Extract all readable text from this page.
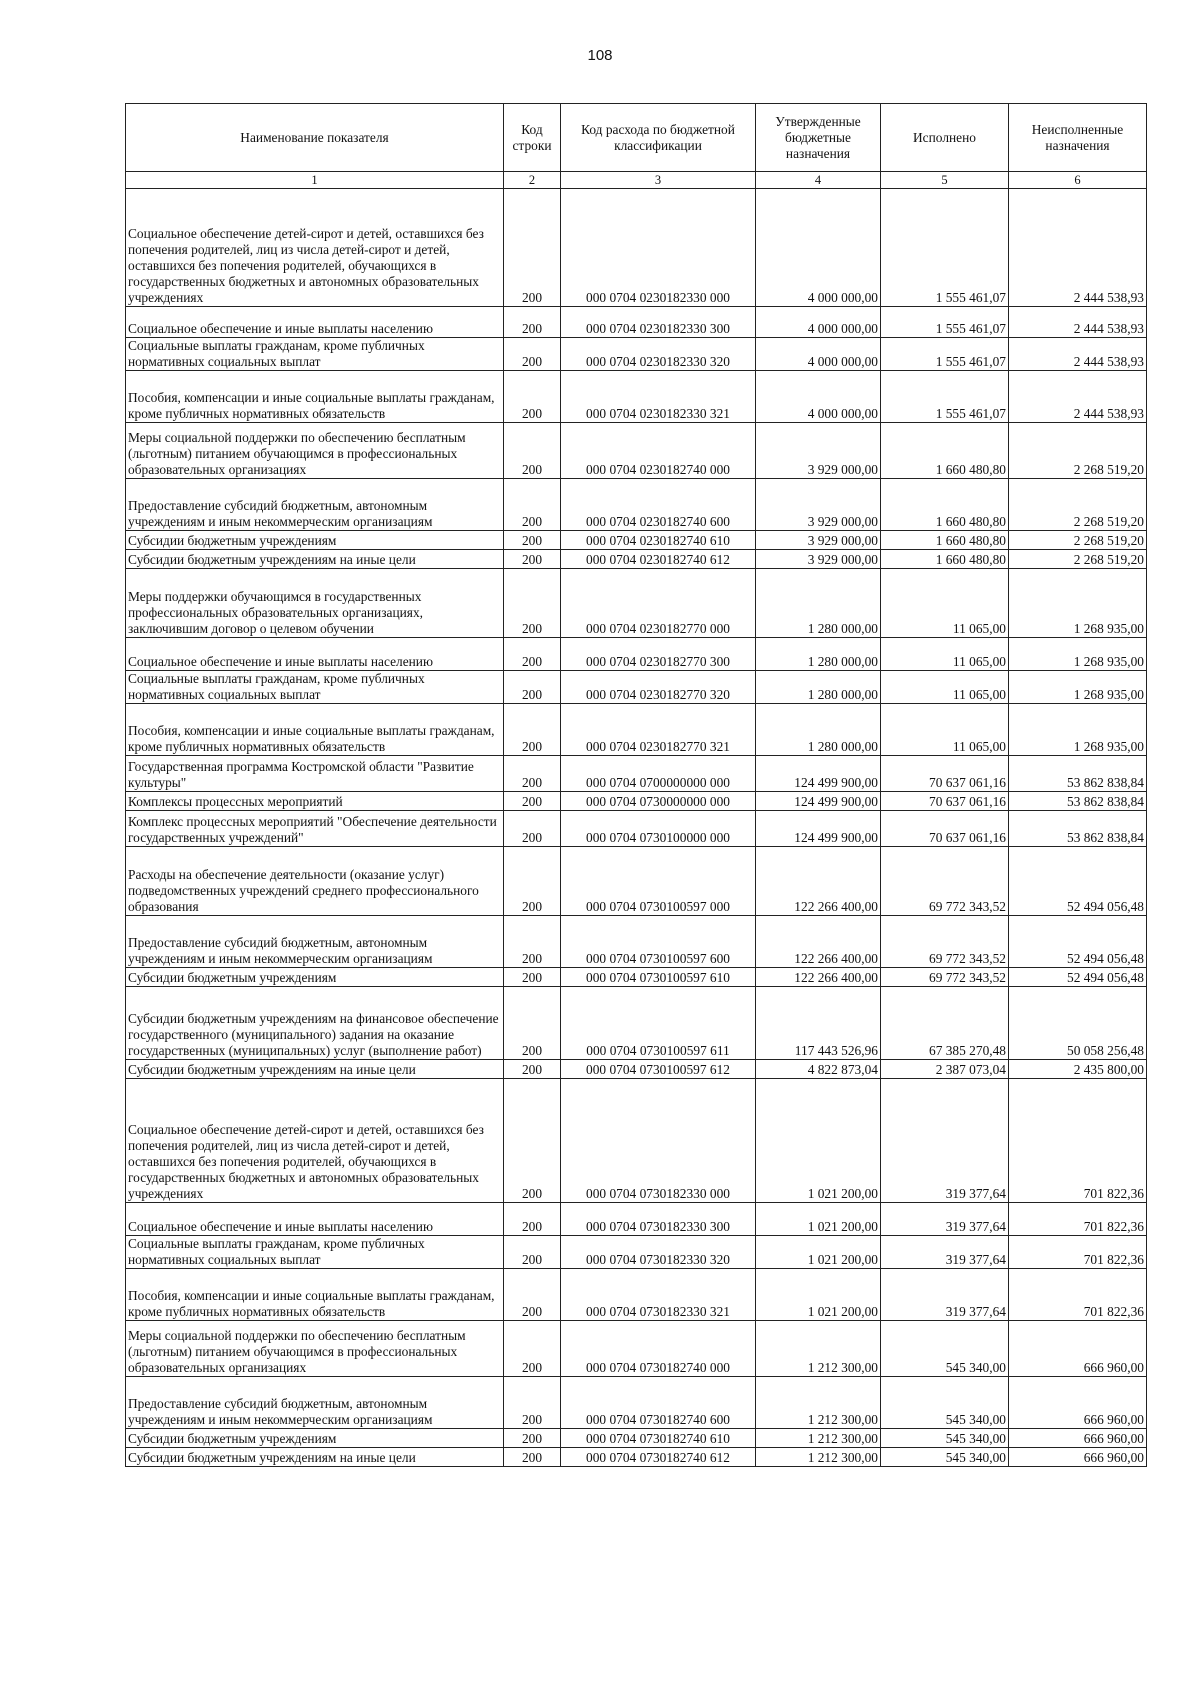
108
Наименование показателя	Код строки	Код расхода по бюджетной классификации	Утвержденные бюджетные назначения	Исполнено	Неисполненные назначения
1	2	3	4	5	6
Социальное обеспечение детей-сирот и детей, оставшихся без попечения родителей, лиц из числа детей-сирот и детей, оставшихся без попечения родителей, обучающихся в государственных бюджетных и автономных образовательных учреждениях	200	000 0704 0230182330 000	4 000 000,00	1 555 461,07	2 444 538,93
Социальное обеспечение и иные выплаты населению	200	000 0704 0230182330 300	4 000 000,00	1 555 461,07	2 444 538,93
Социальные выплаты гражданам, кроме публичных нормативных социальных выплат	200	000 0704 0230182330 320	4 000 000,00	1 555 461,07	2 444 538,93
Пособия, компенсации и иные социальные выплаты гражданам, кроме публичных нормативных обязательств	200	000 0704 0230182330 321	4 000 000,00	1 555 461,07	2 444 538,93
Меры социальной поддержки по обеспечению бесплатным (льготным) питанием обучающимся в профессиональных образовательных организациях	200	000 0704 0230182740 000	3 929 000,00	1 660 480,80	2 268 519,20
Предоставление субсидий бюджетным, автономным учреждениям и иным некоммерческим организациям	200	000 0704 0230182740 600	3 929 000,00	1 660 480,80	2 268 519,20
Субсидии бюджетным учреждениям	200	000 0704 0230182740 610	3 929 000,00	1 660 480,80	2 268 519,20
Субсидии бюджетным учреждениям на иные цели	200	000 0704 0230182740 612	3 929 000,00	1 660 480,80	2 268 519,20
Меры поддержки обучающимся в государственных профессиональных образовательных организациях, заключившим договор о целевом обучении	200	000 0704 0230182770 000	1 280 000,00	11 065,00	1 268 935,00
Социальное обеспечение и иные выплаты населению	200	000 0704 0230182770 300	1 280 000,00	11 065,00	1 268 935,00
Социальные выплаты гражданам, кроме публичных нормативных социальных выплат	200	000 0704 0230182770 320	1 280 000,00	11 065,00	1 268 935,00
Пособия, компенсации и иные социальные выплаты гражданам, кроме публичных нормативных обязательств	200	000 0704 0230182770 321	1 280 000,00	11 065,00	1 268 935,00
Государственная программа Костромской области "Развитие культуры"	200	000 0704 0700000000 000	124 499 900,00	70 637 061,16	53 862 838,84
Комплексы процессных мероприятий	200	000 0704 0730000000 000	124 499 900,00	70 637 061,16	53 862 838,84
Комплекс процессных мероприятий "Обеспечение деятельности государственных учреждений"	200	000 0704 0730100000 000	124 499 900,00	70 637 061,16	53 862 838,84
Расходы на обеспечение деятельности (оказание услуг) подведомственных учреждений среднего профессионального образования	200	000 0704 0730100597 000	122 266 400,00	69 772 343,52	52 494 056,48
Предоставление субсидий бюджетным, автономным учреждениям и иным некоммерческим организациям	200	000 0704 0730100597 600	122 266 400,00	69 772 343,52	52 494 056,48
Субсидии бюджетным учреждениям	200	000 0704 0730100597 610	122 266 400,00	69 772 343,52	52 494 056,48
Субсидии бюджетным учреждениям на финансовое обеспечение государственного (муниципального) задания на оказание государственных (муниципальных) услуг (выполнение работ)	200	000 0704 0730100597 611	117 443 526,96	67 385 270,48	50 058 256,48
Субсидии бюджетным учреждениям на иные цели	200	000 0704 0730100597 612	4 822 873,04	2 387 073,04	2 435 800,00
Социальное обеспечение детей-сирот и детей, оставшихся без попечения родителей, лиц из числа детей-сирот и детей, оставшихся без попечения родителей, обучающихся в государственных бюджетных и автономных образовательных учреждениях	200	000 0704 0730182330 000	1 021 200,00	319 377,64	701 822,36
Социальное обеспечение и иные выплаты населению	200	000 0704 0730182330 300	1 021 200,00	319 377,64	701 822,36
Социальные выплаты гражданам, кроме публичных нормативных социальных выплат	200	000 0704 0730182330 320	1 021 200,00	319 377,64	701 822,36
Пособия, компенсации и иные социальные выплаты гражданам, кроме публичных нормативных обязательств	200	000 0704 0730182330 321	1 021 200,00	319 377,64	701 822,36
Меры социальной поддержки по обеспечению бесплатным (льготным) питанием обучающимся в профессиональных образовательных организациях	200	000 0704 0730182740 000	1 212 300,00	545 340,00	666 960,00
Предоставление субсидий бюджетным, автономным учреждениям и иным некоммерческим организациям	200	000 0704 0730182740 600	1 212 300,00	545 340,00	666 960,00
Субсидии бюджетным учреждениям	200	000 0704 0730182740 610	1 212 300,00	545 340,00	666 960,00
Субсидии бюджетным учреждениям на иные цели	200	000 0704 0730182740 612	1 212 300,00	545 340,00	666 960,00
